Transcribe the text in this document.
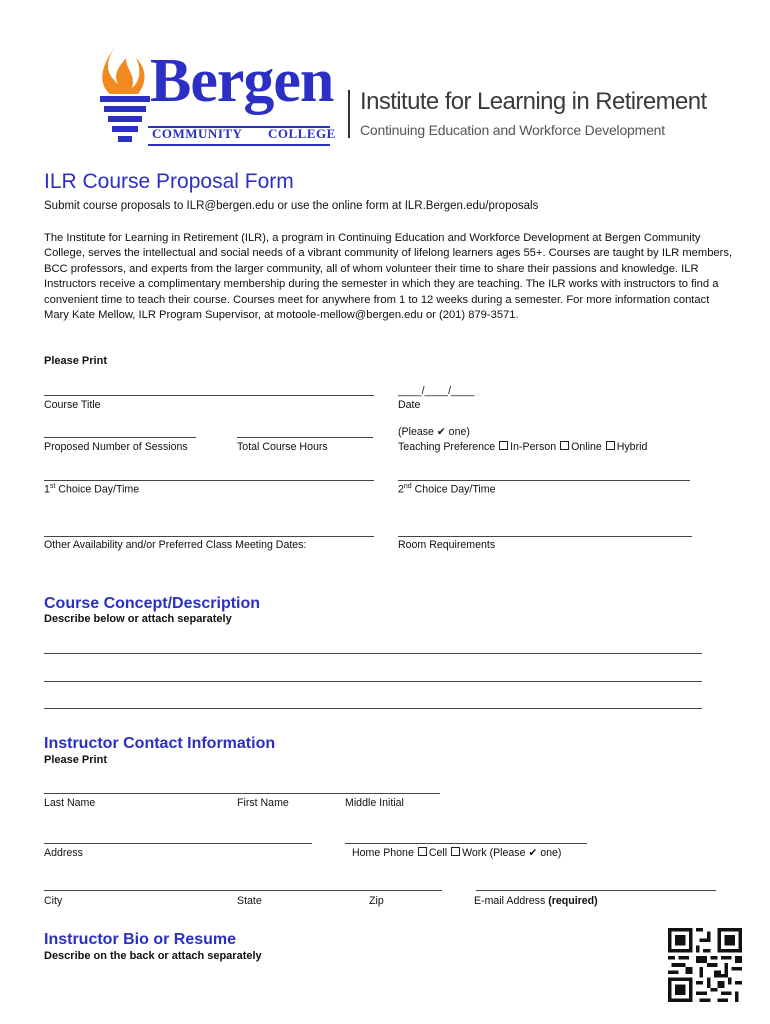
Bergen
COMMUNITY COLLEGE
Institute for Learning in Retirement
Continuing Education and Workforce Development
ILR Course Proposal Form
Submit course proposals to ILR@bergen.edu or use the online form at ILR.Bergen.edu/proposals
The Institute for Learning in Retirement (ILR), a program in Continuing Education and Workforce Development at Bergen Community College, serves the intellectual and social needs of a vibrant community of lifelong learners ages 55+. Courses are taught by ILR members, BCC professors, and experts from the larger community, all of whom volunteer their time to share their passions and knowledge. ILR Instructors receive a complimentary membership during the semester in which they are teaching. The ILR works with instructors to find a convenient time to teach their course. Courses meet for anywhere from 1 to 12 weeks during a semester. For more information contact Mary Kate Mellow, ILR Program Supervisor, at motoole-mellow@bergen.edu or (201) 879-3571.
Please Print
Course Title
____/____/____
Date
Proposed Number of Sessions	Total Course Hours
(Please ✔ one)
Teaching Preference In-Person Online Hybrid
1st Choice Day/Time	2nd Choice Day/Time
Other Availability and/or Preferred Class Meeting Dates:	Room Requirements
Course Concept/Description
Describe below or attach separately
Instructor Contact Information
Please Print
Last Name	First Name	Middle Initial
Address	Home Phone Cell Work (Please ✔ one)
City	State	Zip	E-mail Address (required)
Instructor Bio or Resume
Describe on the back or attach separately
